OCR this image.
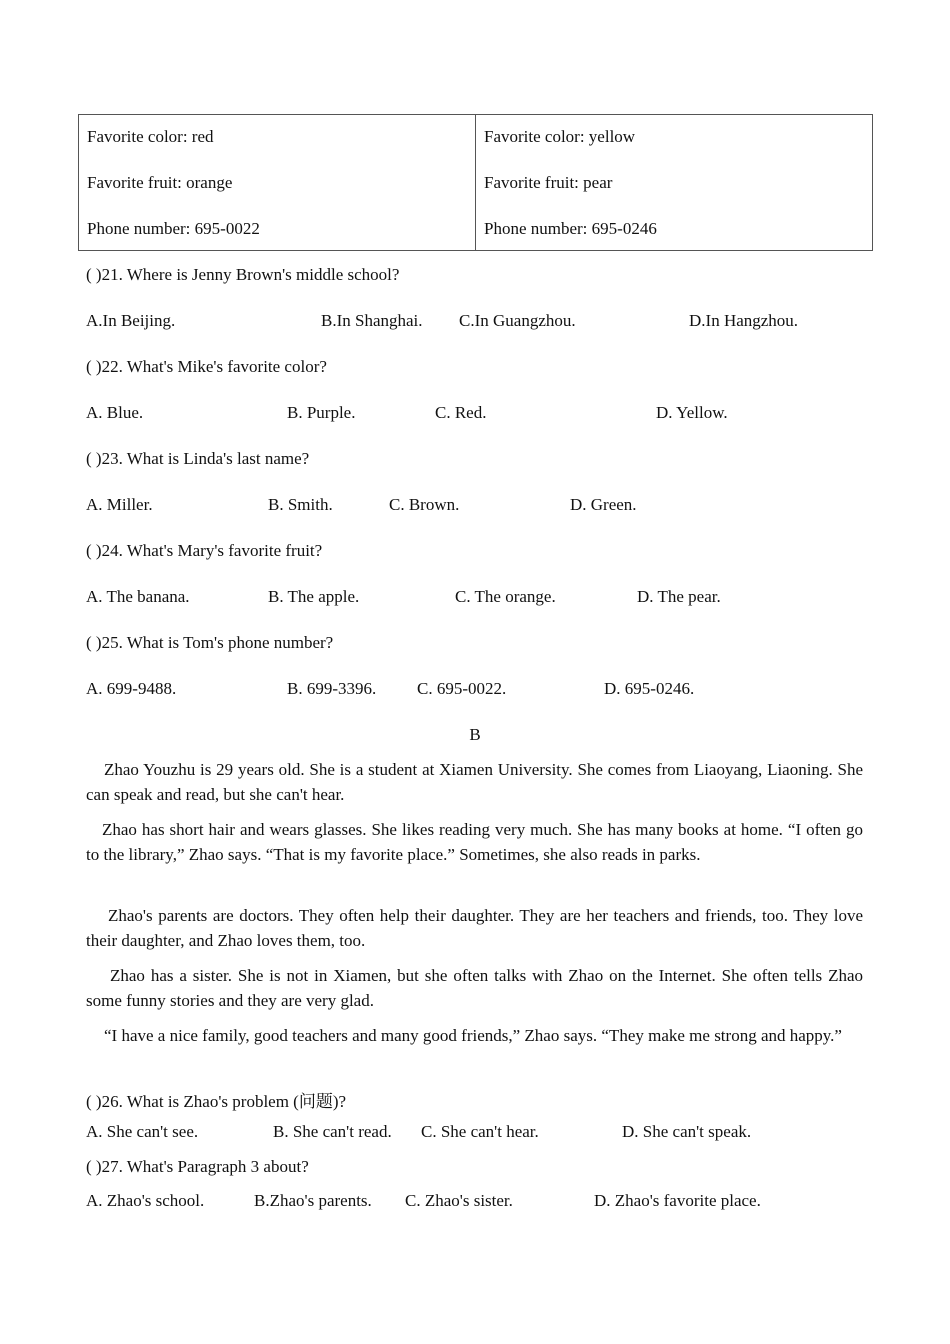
Favorite color: red
Favorite fruit: orange
Phone number: 695-0022
Favorite color: yellow
Favorite fruit: pear
Phone number: 695-0246
( )21. Where is Jenny Brown's middle school?
A.In Beijing.	B.In Shanghai. C.In Guangzhou.	D.In Hangzhou.
( )22. What's Mike's favorite color?
A. Blue.	B. Purple.	C. Red.	D. Yellow.
( )23. What is Linda's last name?
A. Miller.	B. Smith.	C. Brown.	D. Green.
( )24. What's Mary's favorite fruit?
A. The banana.	B. The apple.	C. The orange.	D. The pear.
( )25. What is Tom's phone number?
A. 699-9488.	B. 699-3396. C. 695-0022.	D. 695-0246.
B
Zhao Youzhu is 29 years old. She is a student at Xiamen University. She comes from Liaoyang, Liaoning. She can speak and read, but she can't hear.
Zhao has short hair and wears glasses. She likes reading very much. She has many books at home. “I often go to the library,” Zhao says. “That is my favorite place.” Sometimes, she also reads in parks.
Zhao's parents are doctors. They often help their daughter. They are her teachers and friends, too. They love their daughter, and Zhao loves them, too.
Zhao has a sister. She is not in Xiamen, but she often talks with Zhao on the Internet. She often tells Zhao some funny stories and they are very glad.
“I have a nice family, good teachers and many good friends,” Zhao says. “They make me strong and happy.”
( )26. What is Zhao's problem (问题)?
A. She can't see.	B. She can't read. C. She can't hear.	D. She can't speak.
( )27. What's Paragraph 3 about?
A. Zhao's school.	B.Zhao's parents. C. Zhao's sister.	D. Zhao's favorite place.
